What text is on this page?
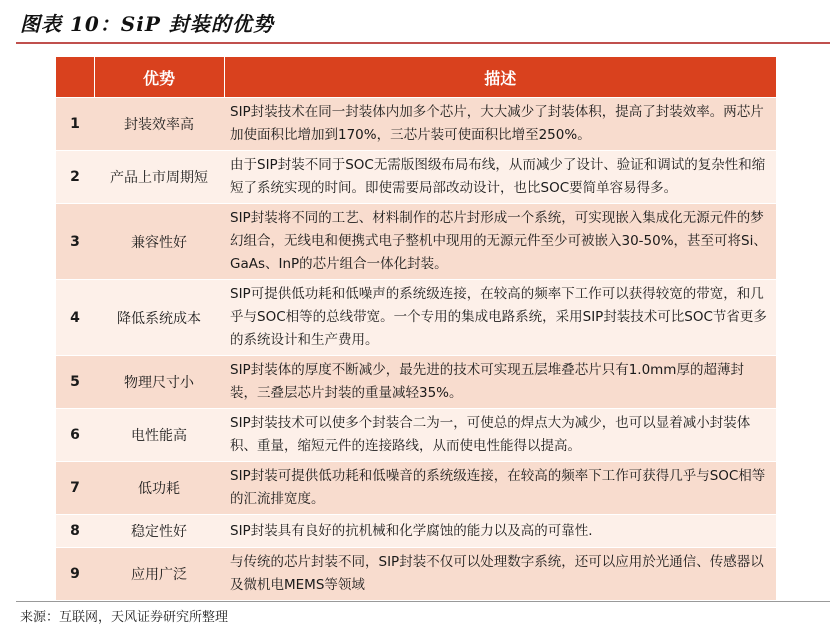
图表 10：SiP 封装的优势
	优势	描述
1	封装效率高	SIP封装技术在同一封装体内加多个芯片，大大减少了封装体积，提高了封装效率。两芯片加使面积比增加到170%，三芯片装可使面积比增至250%。
2	产品上市周期短	由于SIP封装不同于SOC无需版图级布局布线，从而减少了设计、验证和调试的复杂性和缩短了系统实现的时间。即使需要局部改动设计，也比SOC要简单容易得多。
3	兼容性好	SIP封装将不同的工艺、材料制作的芯片封形成一个系统，可实现嵌入集成化无源元件的梦幻组合，无线电和便携式电子整机中现用的无源元件至少可被嵌入30-50%，甚至可将Si、GaAs、InP的芯片组合一体化封装。
4	降低系统成本	SIP可提供低功耗和低噪声的系统级连接，在较高的频率下工作可以获得较宽的带宽，和几乎与SOC相等的总线带宽。一个专用的集成电路系统，采用SIP封装技术可比SOC节省更多的系统设计和生产费用。
5	物理尺寸小	SIP封装体的厚度不断减少，最先进的技术可实现五层堆叠芯片只有1.0mm厚的超薄封装，三叠层芯片封装的重量减轻35%。
6	电性能高	SIP封装技术可以使多个封装合二为一，可使总的焊点大为减少，也可以显着减小封装体积、重量，缩短元件的连接路线，从而使电性能得以提高。
7	低功耗	SIP封装可提供低功耗和低噪音的系统级连接，在较高的频率下工作可获得几乎与SOC相等的汇流排宽度。
8	稳定性好	SIP封装具有良好的抗机械和化学腐蚀的能力以及高的可靠性.
9	应用广泛	与传统的芯片封装不同，SIP封装不仅可以处理数字系统，还可以应用於光通信、传感器以及微机电MEMS等领域
来源：互联网，天风证券研究所整理
